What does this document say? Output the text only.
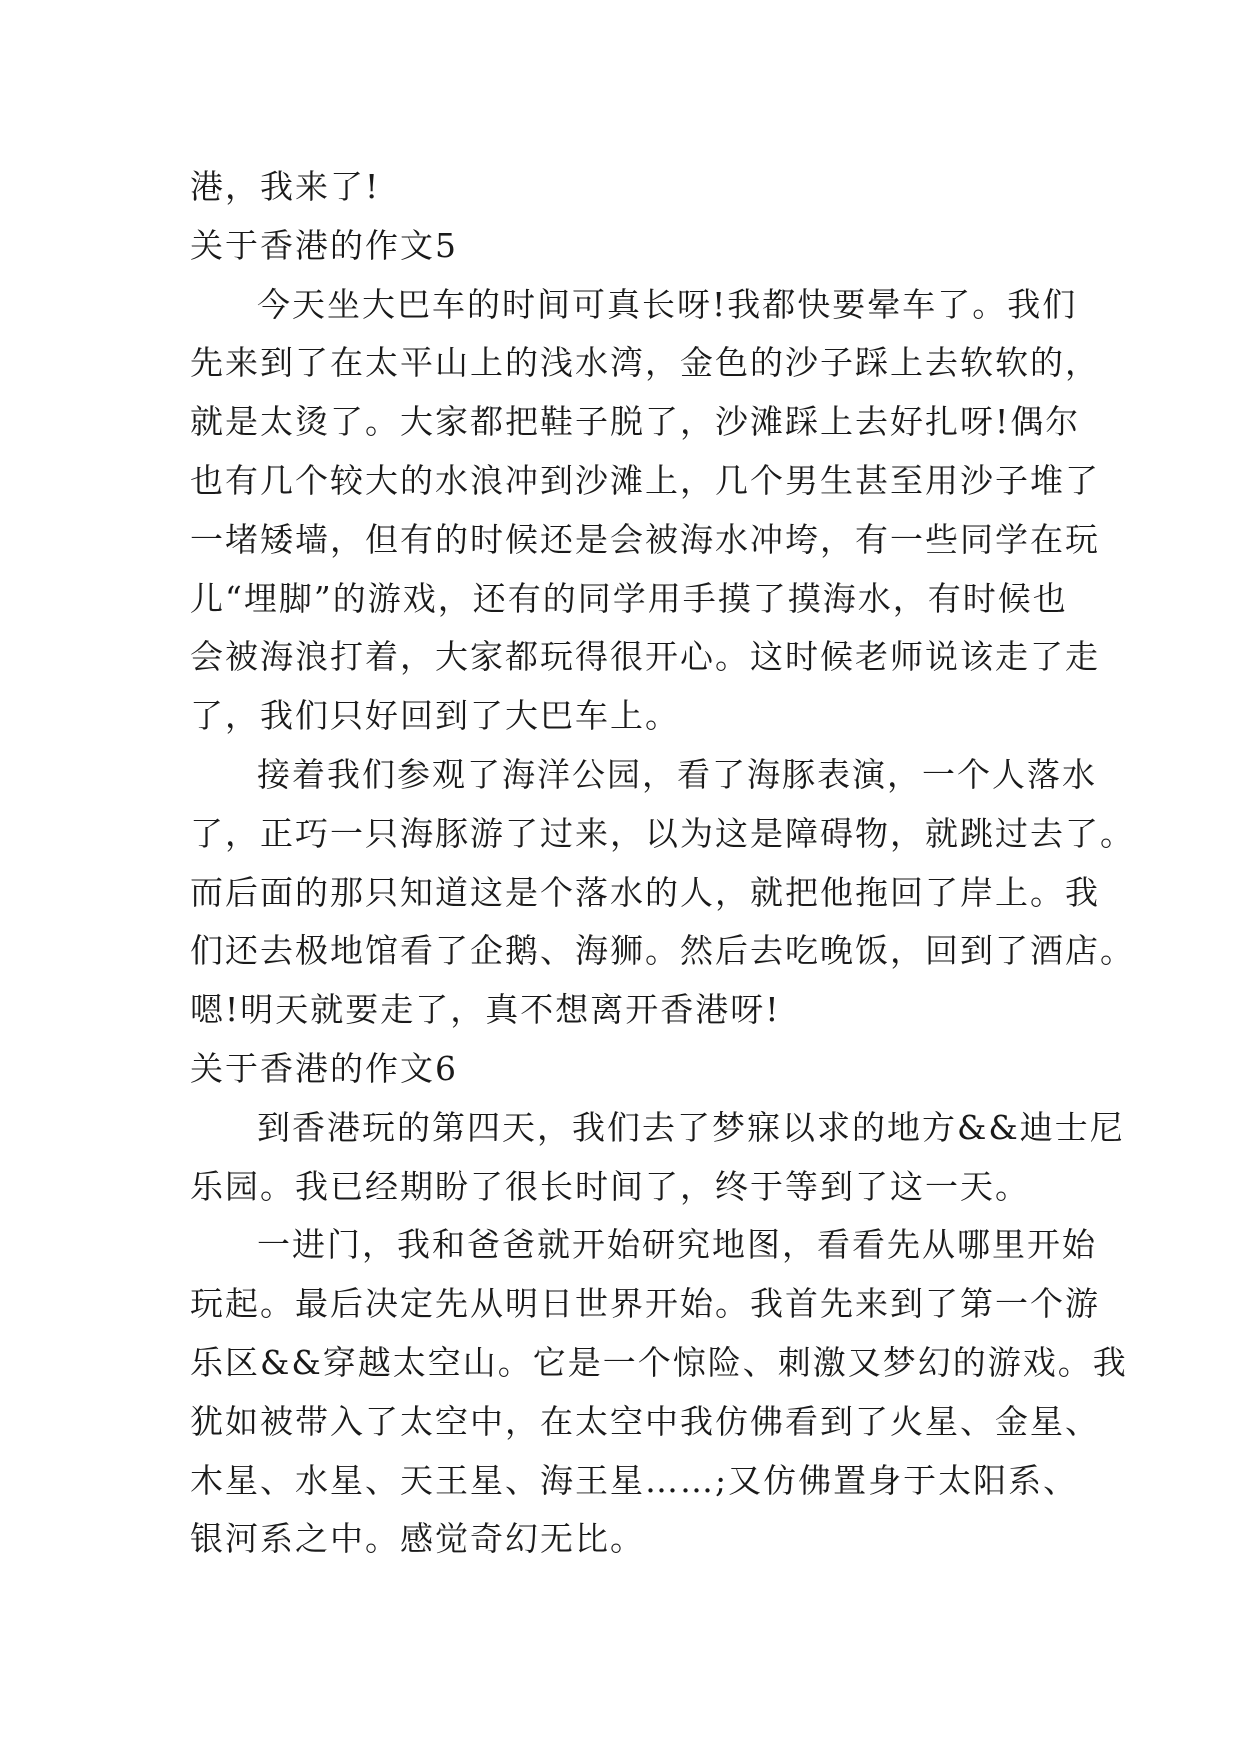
港，我来了!
关于香港的作文5
今天坐大巴车的时间可真长呀!我都快要晕车了。我们
先来到了在太平山上的浅水湾，金色的沙子踩上去软软的，
就是太烫了。大家都把鞋子脱了，沙滩踩上去好扎呀!偶尔
也有几个较大的水浪冲到沙滩上，几个男生甚至用沙子堆了
一堵矮墙，但有的时候还是会被海水冲垮，有一些同学在玩
儿“埋脚”的游戏，还有的同学用手摸了摸海水，有时候也
会被海浪打着，大家都玩得很开心。这时候老师说该走了走
了，我们只好回到了大巴车上。
接着我们参观了海洋公园，看了海豚表演，一个人落水
了，正巧一只海豚游了过来，以为这是障碍物，就跳过去了。
而后面的那只知道这是个落水的人，就把他拖回了岸上。我
们还去极地馆看了企鹅、海狮。然后去吃晚饭，回到了酒店。
嗯!明天就要走了，真不想离开香港呀!
关于香港的作文6
到香港玩的第四天，我们去了梦寐以求的地方&&迪士尼
乐园。我已经期盼了很长时间了，终于等到了这一天。
一进门，我和爸爸就开始研究地图，看看先从哪里开始
玩起。最后决定先从明日世界开始。我首先来到了第一个游
乐区&&穿越太空山。它是一个惊险、刺激又梦幻的游戏。我
犹如被带入了太空中，在太空中我仿佛看到了火星、金星、
木星、水星、天王星、海王星……;又仿佛置身于太阳系、
银河系之中。感觉奇幻无比。
